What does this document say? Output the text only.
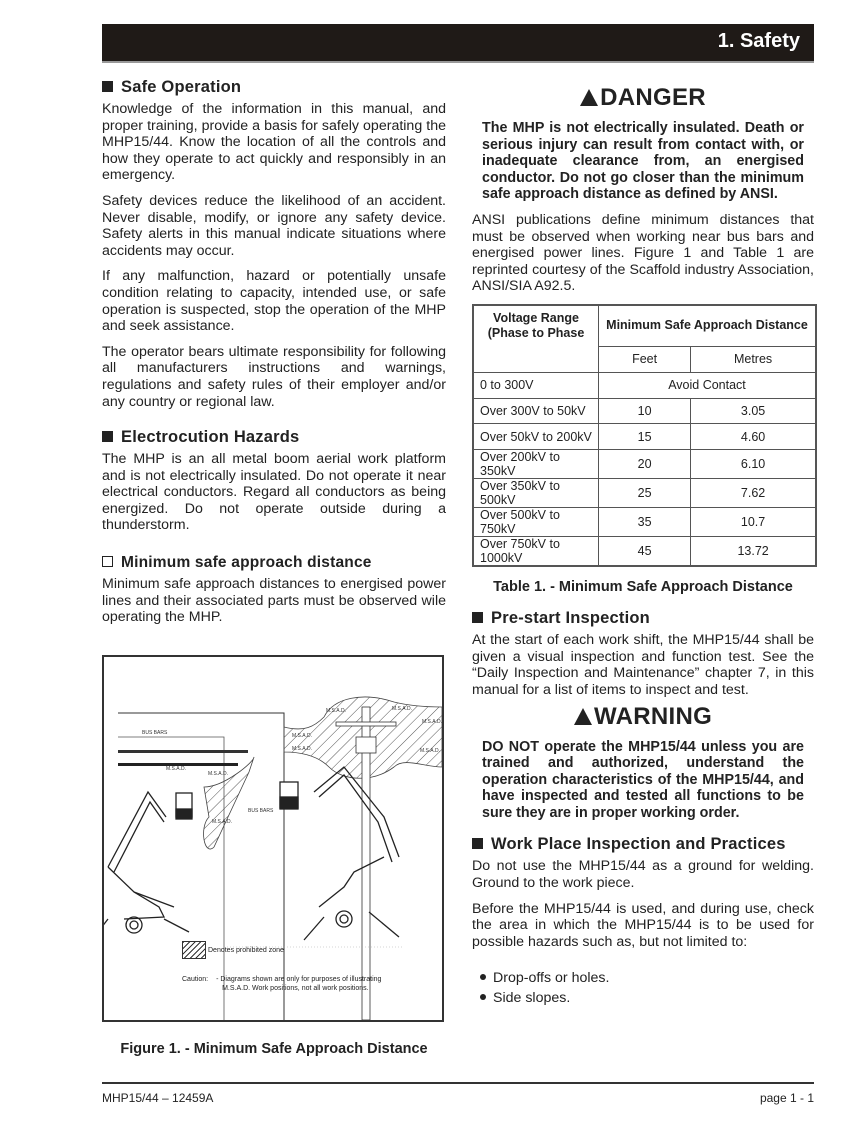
1. Safety
Safe Operation

Knowledge of the information in this manual, and proper training, provide a basis for safely operating the MHP15/44. Know the location of all the controls and how they operate to act quickly and responsibly in an emergency.

Safety devices reduce the likelihood of an accident. Never disable, modify, or ignore any safety device. Safety alerts in this manual indicate situations where accidents may occur.

If any malfunction, hazard or potentially unsafe condition relating to capacity, intended use, or safe operation is suspected, stop the operation of the MHP and seek assistance.

The operator bears ultimate responsibility for following all manufacturers instructions and warnings, regulations and safety rules of their employer and/or any country or regional law.

Electrocution Hazards

The MHP is an all metal boom aerial work platform and is not electrically insulated. Do not operate it near electrical conductors. Regard all conductors as being energized. Do not operate outside during a thunderstorm.

Minimum safe approach distance

Minimum safe approach distances to energised power lines and their associated parts must be observed wile operating the MHP.

BUS BARS
M.S.A.D.
M.S.A.D.
BUS BARS
M.S.A.D.
M.S.A.D.
M.S.A.D.
M.S.A.D.	M.S.A.D.
M.S.A.D.
M.S.A.D.
Denotes prohibited zone
Caution: - Diagrams shown are only for purposes of illustrating
M.S.A.D. Work positions, not all work positions.
Figure 1. - Minimum Safe Approach Distance
DANGER

The MHP is not electrically insulated. Death or serious injury can result from contact with, or inadequate clearance from, an energised conductor. Do not go closer than the minimum safe approach distance as defined by ANSI.

ANSI publications define minimum distances that must be observed when working near bus bars and energised power lines. Figure 1 and Table 1 are reprinted courtesy of the Scaffold industry Association, ANSI/SIA A92.5.

Voltage Range (Phase to Phase	Minimum Safe Approach Distance	
	Feet	Metres
0 to 300V	Avoid Contact	
Over 300V to 50kV	10	3.05
Over 50kV to 200kV	15	4.60
Over 200kV to 350kV	20	6.10
Over 350kV to 500kV	25	7.62
Over 500kV to 750kV	35	10.7
Over 750kV to 1000kV	45	13.72
Table 1. - Minimum Safe Approach Distance
Pre-start Inspection

At the start of each work shift, the MHP15/44 shall be given a visual inspection and function test. See the “Daily Inspection and Maintenance” chapter 7, in this manual for a list of items to inspect and test.

WARNING

DO NOT operate the MHP15/44 unless you are trained and authorized, understand the operation characteristics of the MHP15/44, and have inspected and tested all functions to be sure they are in proper working order.

Work Place Inspection and Practices

Do not use the MHP15/44 as a ground for welding. Ground to the work piece.

Before the MHP15/44 is used, and during use, check the area in which the MHP15/44 is to be used for possible hazards such as, but not limited to:

Drop-offs or holes.
Side slopes.
MHP15/44 – 12459A	page 1 - 1
